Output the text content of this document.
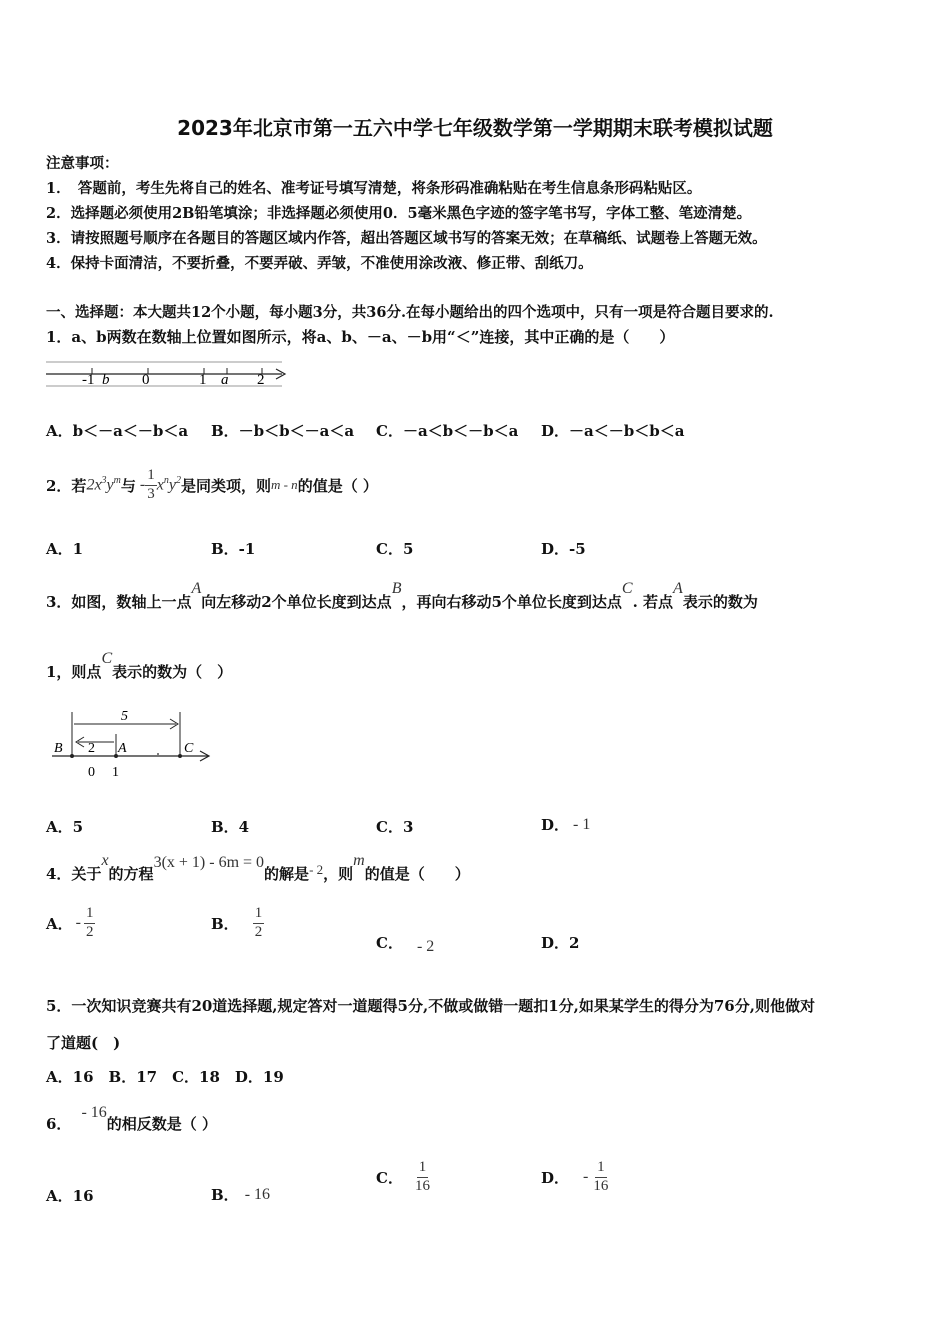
2023年北京市第一五六中学七年级数学第一学期期末联考模拟试题
注意事项：
1．　答题前，考生先将自己的姓名、准考证号填写清楚，将条形码准确粘贴在考生信息条形码粘贴区。
2．选择题必须使用2B铅笔填涂；非选择题必须使用0．5毫米黑色字迹的签字笔书写，字体工整、笔迹清楚。
3．请按照题号顺序在各题目的答题区域内作答，超出答题区域书写的答案无效；在草稿纸、试题卷上答题无效。
4．保持卡面清洁，不要折叠，不要弄破、弄皱，不准使用涂改液、修正带、刮纸刀。
一、选择题：本大题共12个小题，每小题3分，共36分.在每小题给出的四个选项中，只有一项是符合题目要求的.
1．a、b两数在数轴上位置如图所示，将a、b、－a、－b用“＜”连接，其中正确的是（　　）
-1 b 0	1 a 2
A．b＜－a＜－b＜a B．－b＜b＜－a＜a C．－a＜b＜－b＜a D．－a＜－b＜b＜a
2．若 $2x^3y^m$ 与 - $\frac{1}{3} x^ny^2$ 是同类项，则 m - n 的值是（ ）
A．1	B．-1	C．5	D．-5
3．如图，数轴上一点
A
向左移动2个单位长度到达点
B
，再向右移动5个单位长度到达点
C
. 若点
A
表示的数为
1，则点
C
表示的数为（　）
5
2
B	A	C
0 1
A．5	B．4	C．3	D． - 1
4．关于
x
的方程
3(x + 1) - 6m = 0
的解是 - 2 ，则
m
的值是（　　）
A． - $\frac{1}{2}$	B． $\frac{1}{2}$
C． - 2	D．2
5．一次知识竞赛共有20道选择题,规定答对一道题得5分,不做或做错一题扣1分,如果某学生的得分为76分,则他做对
了道题(　)
A．16　B．17　C．18　D．19
6．
- 16
的相反数是（ ）
A．16	B． - 16
C． $\frac{1}{16}$	D． - $\frac{1}{16}$
